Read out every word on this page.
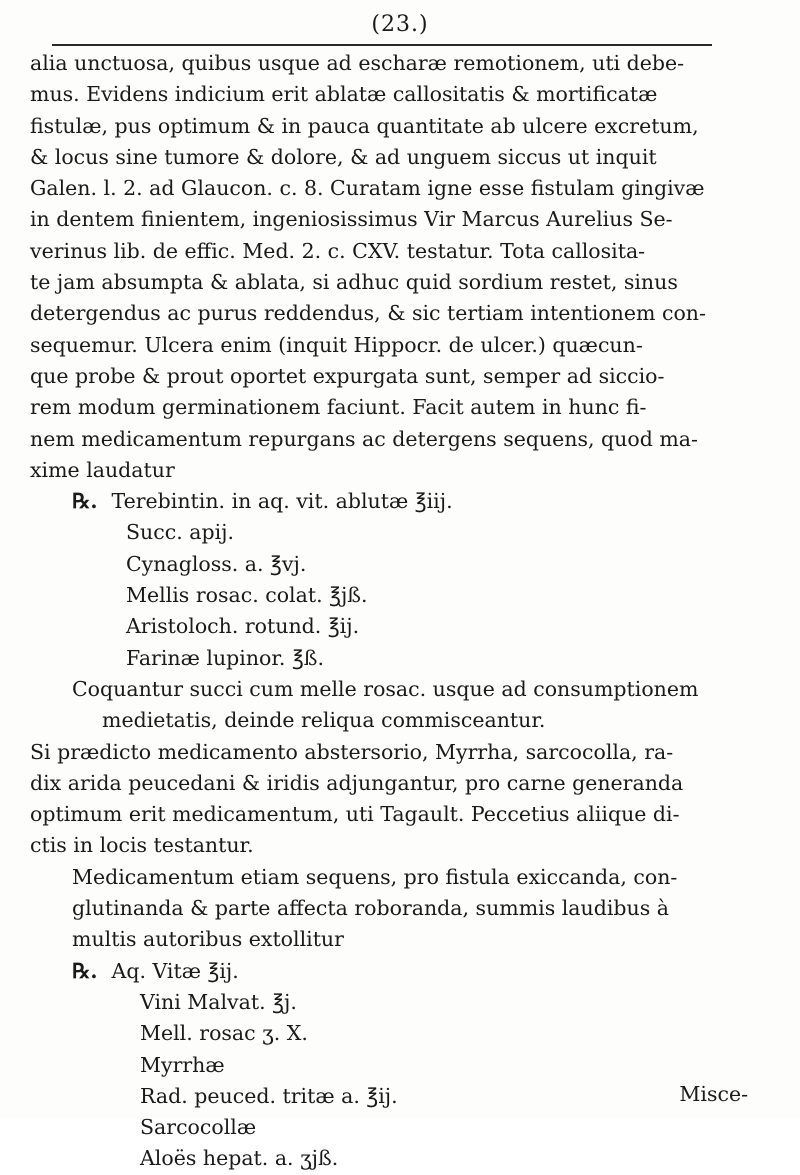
(23.)
alia unctuosa, quibus usque ad escharæ remotionem, uti debe-
mus. Evidens indicium erit ablatæ callositatis & mortificatæ
fistulæ, pus optimum & in pauca quantitate ab ulcere excretum,
& locus sine tumore & dolore, & ad unguem siccus ut inquit
Galen. l. 2. ad Glaucon. c. 8. Curatam igne esse fistulam gingivæ
in dentem finientem, ingeniosissimus Vir Marcus Aurelius Se-
verinus lib. de effic. Med. 2. c. CXV. testatur. Tota callosita-
te jam absumpta & ablata, si adhuc quid sordium restet, sinus
detergendus ac purus reddendus, & sic tertiam intentionem con-
sequemur. Ulcera enim (inquit Hippocr. de ulcer.) quæcun-
que probe & prout oportet expurgata sunt, semper ad siccio-
rem modum germinationem faciunt. Facit autem in hunc fi-
nem medicamentum repurgans ac detergens sequens, quod ma-
xime laudatur
℞. Terebintin. in aq. vit. ablutæ ℥iij.
Succ. apij.
Cynagloss. a. ℥vj.
Mellis rosac. colat. ℥jß.
Aristoloch. rotund. ℥ij.
Farinæ lupinor. ℥ß.
Coquantur succi cum melle rosac. usque ad consumptionem
medietatis, deinde reliqua commisceantur.
Si prædicto medicamento abstersorio, Myrrha, sarcocolla, ra-
dix arida peucedani & iridis adjungantur, pro carne generanda
optimum erit medicamentum, uti Tagault. Peccetius aliique di-
ctis in locis testantur.
Medicamentum etiam sequens, pro fistula exiccanda, con-
glutinanda & parte affecta roboranda, summis laudibus à
multis autoribus extollitur
℞. Aq. Vitæ ℥ij.
Vini Malvat. ℥j.
Mell. rosac ʒ. X.
Myrrhæ
Rad. peuced. tritæ a. ℥ij.
Sarcocollæ
Aloës hepat. a. ʒjß.
Misce-
